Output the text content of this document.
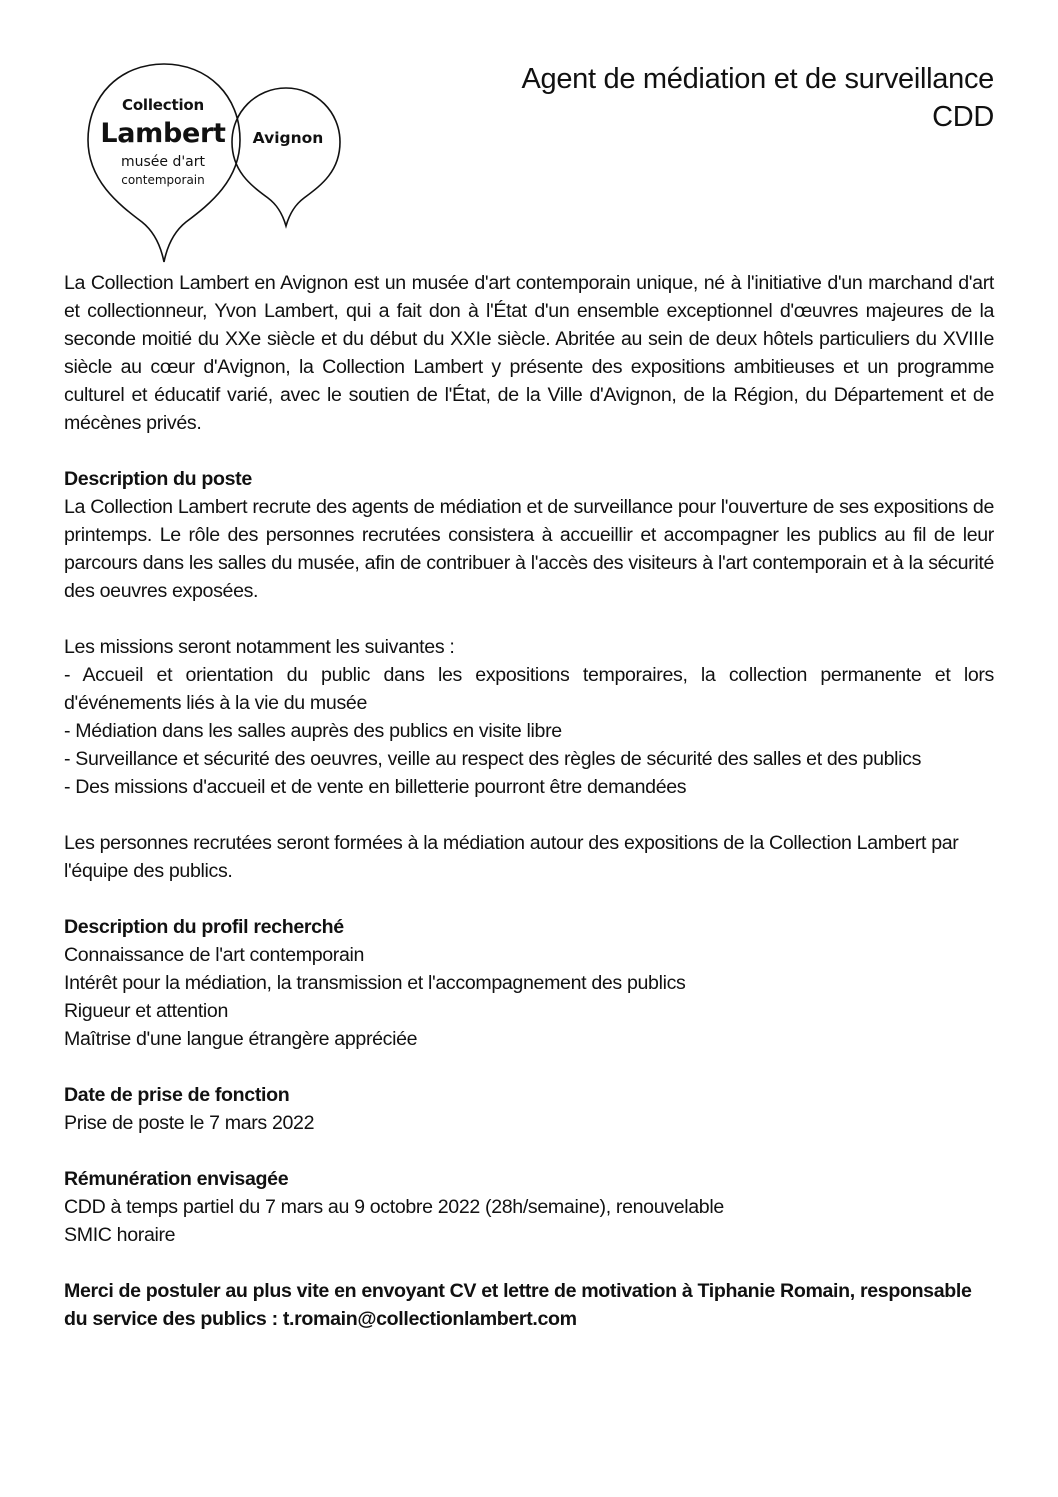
Collection
Lambert
musée d'art
contemporain
Avignon
Agent de médiation et de surveillance
CDD

La Collection Lambert en Avignon est un musée d'art contemporain unique, né à l'initiative d'un marchand d'art et collectionneur, Yvon Lambert, qui a fait don à l'État d'un ensemble exceptionnel d'œuvres majeures de la seconde moitié du XXe siècle et du début du XXIe siècle. Abritée au sein de deux hôtels particuliers du XVIIIe siècle au cœur d'Avignon, la Collection Lambert y présente des expositions ambitieuses et un programme culturel et éducatif varié, avec le soutien de l'État, de la Ville d'Avignon, de la Région, du Département et de mécènes privés.

Description du poste

La Collection Lambert recrute des agents de médiation et de surveillance pour l'ouverture de ses expositions de printemps. Le rôle des personnes recrutées consistera à accueillir et accompagner les publics au fil de leur parcours dans les salles du musée, afin de contribuer à l'accès des visiteurs à l'art contemporain et à la sécurité des oeuvres exposées.

Les missions seront notamment les suivantes :

- Accueil et orientation du public dans les expositions temporaires, la collection permanente et lors d'événements liés à la vie du musée

- Médiation dans les salles auprès des publics en visite libre

- Surveillance et sécurité des oeuvres, veille au respect des règles de sécurité des salles et des publics

- Des missions d'accueil et de vente en billetterie pourront être demandées

Les personnes recrutées seront formées à la médiation autour des expositions de la Collection Lambert par l'équipe des publics.

Description du profil recherché

Connaissance de l'art contemporain

Intérêt pour la médiation, la transmission et l'accompagnement des publics

Rigueur et attention

Maîtrise d'une langue étrangère appréciée

Date de prise de fonction

Prise de poste le 7 mars 2022

Rémunération envisagée

CDD à temps partiel du 7 mars au 9 octobre 2022 (28h/semaine), renouvelable

SMIC horaire

Merci de postuler au plus vite en envoyant CV et lettre de motivation à Tiphanie Romain, responsable du service des publics : t.romain@collectionlambert.com
